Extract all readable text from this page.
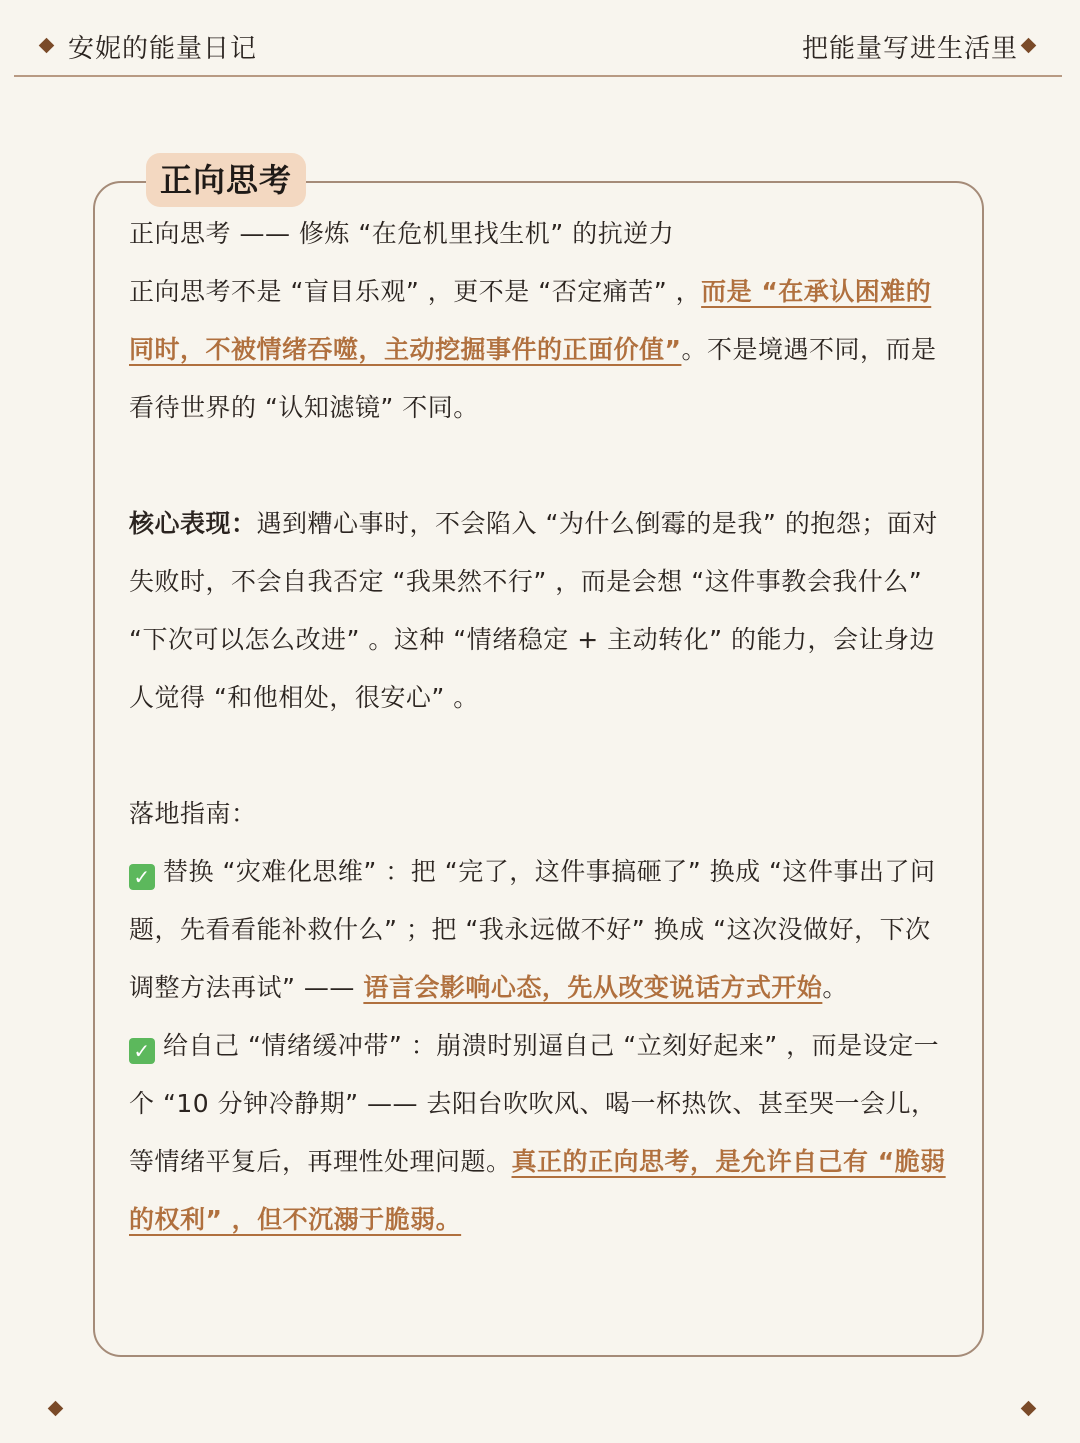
安妮的能量日记	把能量写进生活里
正向思考

正向思考 —— 修炼 “在危机里找生机” 的抗逆力

正向思考不是 “盲目乐观” ，更不是 “否定痛苦” ，而是 “在承认困难的同时，不被情绪吞噬，主动挖掘事件的正面价值”。不是境遇不同，而是看待世界的 “认知滤镜” 不同。

核心表现：遇到糟心事时，不会陷入 “为什么倒霉的是我” 的抱怨；面对失败时，不会自我否定 “我果然不行” ，而是会想 “这件事教会我什么” “下次可以怎么改进” 。这种 “情绪稳定 + 主动转化” 的能力，会让身边人觉得 “和他相处，很安心” 。

落地指南：

✓ 替换 “灾难化思维” ：把 “完了，这件事搞砸了” 换成 “这件事出了问题，先看看能补救什么” ；把 “我永远做不好” 换成 “这次没做好，下次调整方法再试” —— 语言会影响心态，先从改变说话方式开始。

✓ 给自己 “情绪缓冲带” ：崩溃时别逼自己 “立刻好起来” ，而是设定一个 “10 分钟冷静期” —— 去阳台吹吹风、喝一杯热饮、甚至哭一会儿，等情绪平复后，再理性处理问题。真正的正向思考，是允许自己有 “脆弱的权利” ，但不沉溺于脆弱。
